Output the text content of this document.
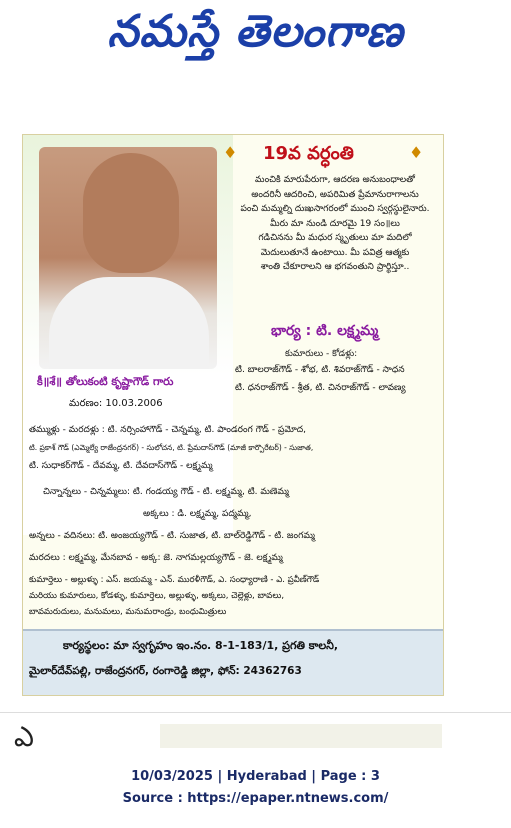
నమస్తే తెలంగాణ
♦	♦
19వ వర్ధంతి
మంచికి మారుపేరుగా, ఆదరణ అనుబంధాలతో
అందరినీ ఆదరించి, అపరిమిత ప్రేమానురాగాలను
పంచి మమ్మల్ని దుఃఖసాగరంలో ముంచి స్వర్గస్థులైనారు.
మీరు మా నుండి దూరమై 19 సం॥లు
గడిచినను మీ మధుర స్మృతులు మా మదిలో
మెదులుతూనే ఉంటాయి. మీ పవిత్ర ఆత్మకు
శాంతి చేకూరాలని ఆ భగవంతుని ప్రార్థిస్తూ..
భార్య : టి. లక్ష్మమ్మ
కుమారులు - కోడళ్లు:
టి. బాలరాజ్‌గౌడ్ - శోభ, టి. శివరాజ్‌గౌడ్ - సాధన
టి. ధనరాజ్‌గౌడ్ - శ్రీత, టి. చినరాజ్‌గౌడ్ - లావణ్య
కీ॥శే॥ తోలుకంటి కృష్ణాగౌడ్ గారు
మరణం: 10.03.2006
తమ్ముళ్లు - మరదళ్లు : టి. నర్సింహాగౌడ్ - చెన్నమ్మ, టి. పాండరంగ గౌడ్ - ప్రమోద,
టి. ప్రకాశ్ గౌడ్ (ఎమ్మెల్యే రాజేంద్రనగర్) - సులోచన, టి. ప్రేమదాస్‌గౌడ్ (మాజీ కార్పొరేటర్) - సుజాత,
టి. సుధాకర్‌గౌడ్ - దేవమ్మ, టి. దేవదాస్‌గౌడ్ - లక్ష్మమ్మ
చిన్నాన్నలు - చిన్నమ్మలు: టి. గండయ్య గౌడ్ - టి. లక్ష్మమ్మ, టి. మణెమ్మ
అక్కలు : డి. లక్ష్మమ్మ, పద్మమ్మ,
అన్నలు - వదినలు: టి. అంజయ్యగౌడ్ - టి. సుజాత, టి. బాల్‌రెడ్డిగౌడ్ - టి. జంగమ్మ
మరదలు : లక్ష్మమ్మ, మేనబావ - అక్క: జె. నాగమల్లయ్యగౌడ్ - జె. లక్ష్మమ్మ
కుమార్తెలు - అల్లుళ్ళు : ఎస్. జయమ్మ - ఎన్. మురళీగౌడ్, ఎ. సంధ్యారాణి - ఎ. ప్రవీణ్‌గౌడ్
మరియు కుమారులు, కోడళ్ళు, కుమార్తెలు, అల్లుళ్ళు, అక్కలు, చెల్లెళ్లు, బావలు,
బావమరుదులు, మనుమలు, మనుమరాండ్రు, బంధుమిత్రులు
కార్యస్థలం: మా స్వగృహం ఇం.నం. 8-1-183/1, ప్రగతి కాలనీ,
మైలార్‌దేవ్‌పల్లి, రాజేంద్రనగర్, రంగారెడ్డి జిల్లా, ఫోన్: 24362763
ఎ
10/03/2025 | Hyderabad | Page : 3
Source : https://epaper.ntnews.com/
